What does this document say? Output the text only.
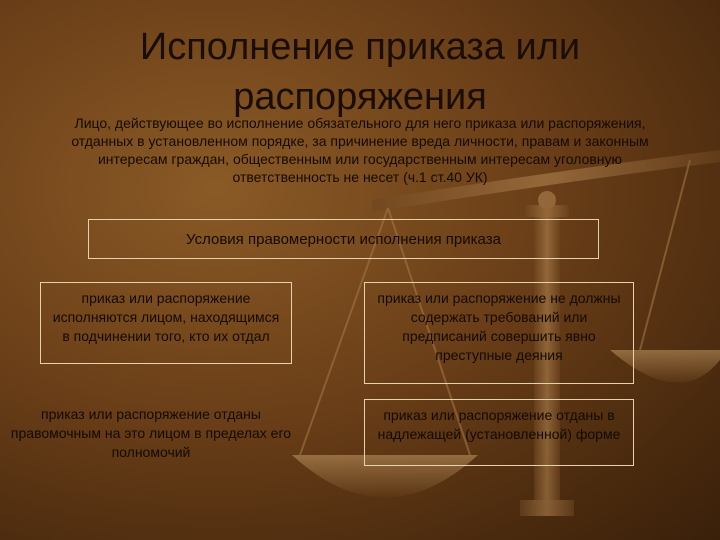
Исполнение приказа или
распоряжения
Лицо, действующее во исполнение обязательного для него приказа или распоряжения, отданных в установленном порядке, за причинение вреда личности, правам и законным интересам граждан, общественным или государственным интересам уголовную ответственность не несет (ч.1 ст.40 УК)
Условия правомерности исполнения приказа
приказ или распоряжение исполняются лицом, находящимся в подчинении того, кто их отдал
приказ или распоряжение не должны содержать требований или предписаний совершить явно преступные деяния
приказ или распоряжение отданы правомочным на это лицом в пределах его полномочий
приказ или распоряжение отданы в надлежащей (установленной) форме
